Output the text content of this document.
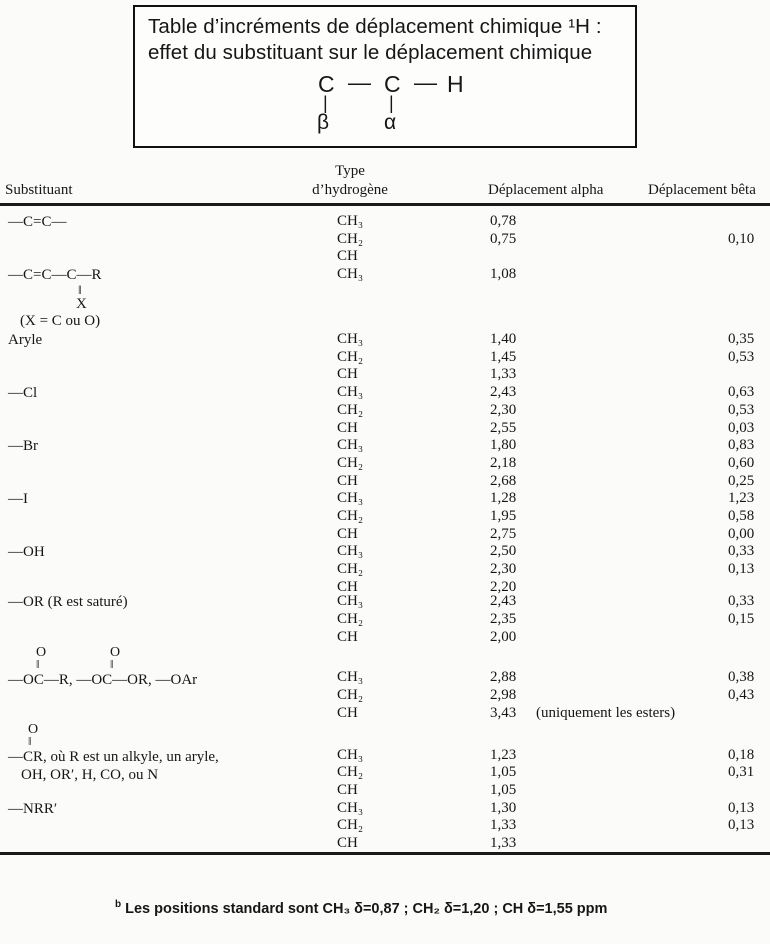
Table d’incréments de déplacement chimique ¹H :
effet du substituant sur le déplacement chimique
C — C — H
|	|
β	α
Substituant
Type
d’hydrogène	Déplacement alpha	Déplacement bêta
—C=C—	CH₃	0,78
CH₂	0,75	0,10
CH
—C=C—C—R
‖
X
(X = C ou O)
CH₃	1,08
Aryle	CH₃	1,40	0,35
CH₂	1,45	0,53
CH	1,33
—Cl	CH₃	2,43	0,63
CH₂	2,30	0,53
CH	2,55	0,03
—Br	CH₃	1,80	0,83
CH₂	2,18	0,60
CH	2,68	0,25
—I	CH₃	1,28	1,23
CH₂	1,95	0,58
CH	2,75	0,00
—OH	CH₃	2,50	0,33
CH₂	2,30	0,13
CH	2,20
—OR (R est saturé)	CH₃	2,43	0,33
CH₂	2,35	0,15
CH	2,00
O	O
‖	‖
—OC—R, —OC—OR, —OAr	CH₃	2,88	0,38
CH₂	2,98	0,43
CH	3,43 (uniquement les esters)
O
‖
—CR, où R est un alkyle, un aryle,
OH, OR′, H, CO, ou N
CH₃	1,23	0,18
CH₂	1,05	0,31
CH	1,05
—NRR′	CH₃	1,30	0,13
CH₂	1,33	0,13
CH	1,33
$^b$ Les positions standard sont CH₃ δ=0,87 ; CH₂ δ=1,20 ; CH δ=1,55 ppm
